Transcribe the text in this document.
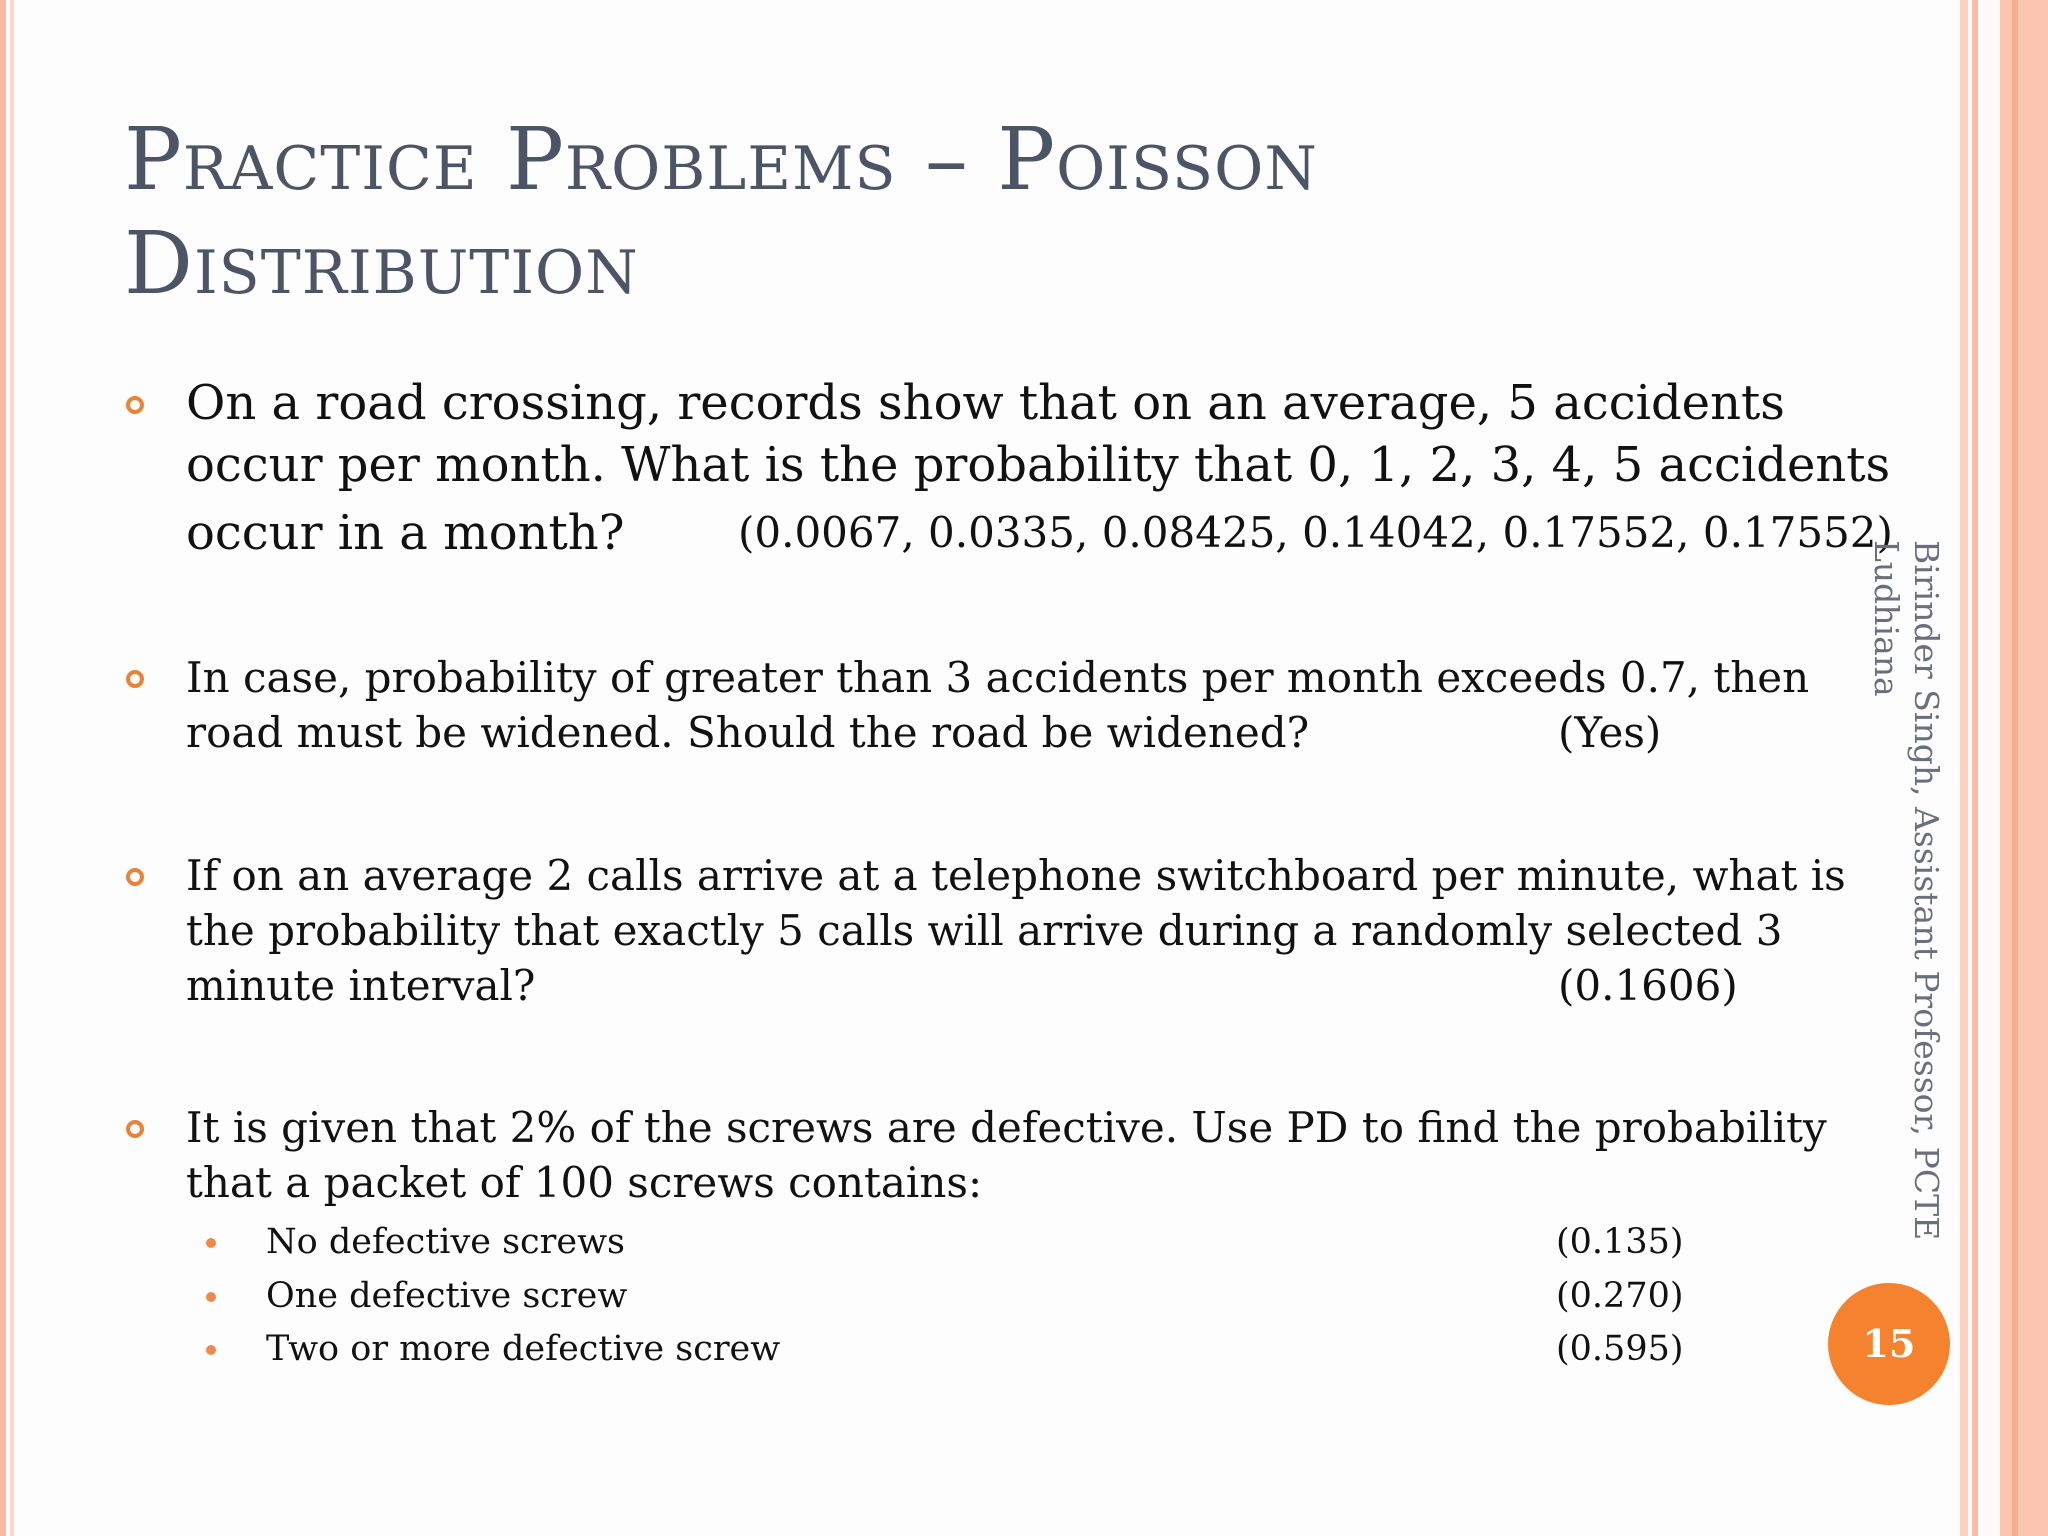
Practice Problems – Poisson
Distribution
On a road crossing, records show that on an average, 5 accidents
occur per month. What is the probability that 0, 1, 2, 3, 4, 5 accidents
occur in a month?	(0.0067, 0.0335, 0.08425, 0.14042, 0.17552, 0.17552)
In case, probability of greater than 3 accidents per month exceeds 0.7, then
road must be widened. Should the road be widened?	(Yes)
If on an average 2 calls arrive at a telephone switchboard per minute, what is
the probability that exactly 5 calls will arrive during a randomly selected 3
minute interval?	(0.1606)
It is given that 2% of the screws are defective. Use PD to find the probability
that a packet of 100 screws contains:
No defective screws	(0.135)
One defective screw	(0.270)
Two or more defective screw	(0.595)
Birinder Singh, Assistant Professor, PCTE
Ludhiana
15
